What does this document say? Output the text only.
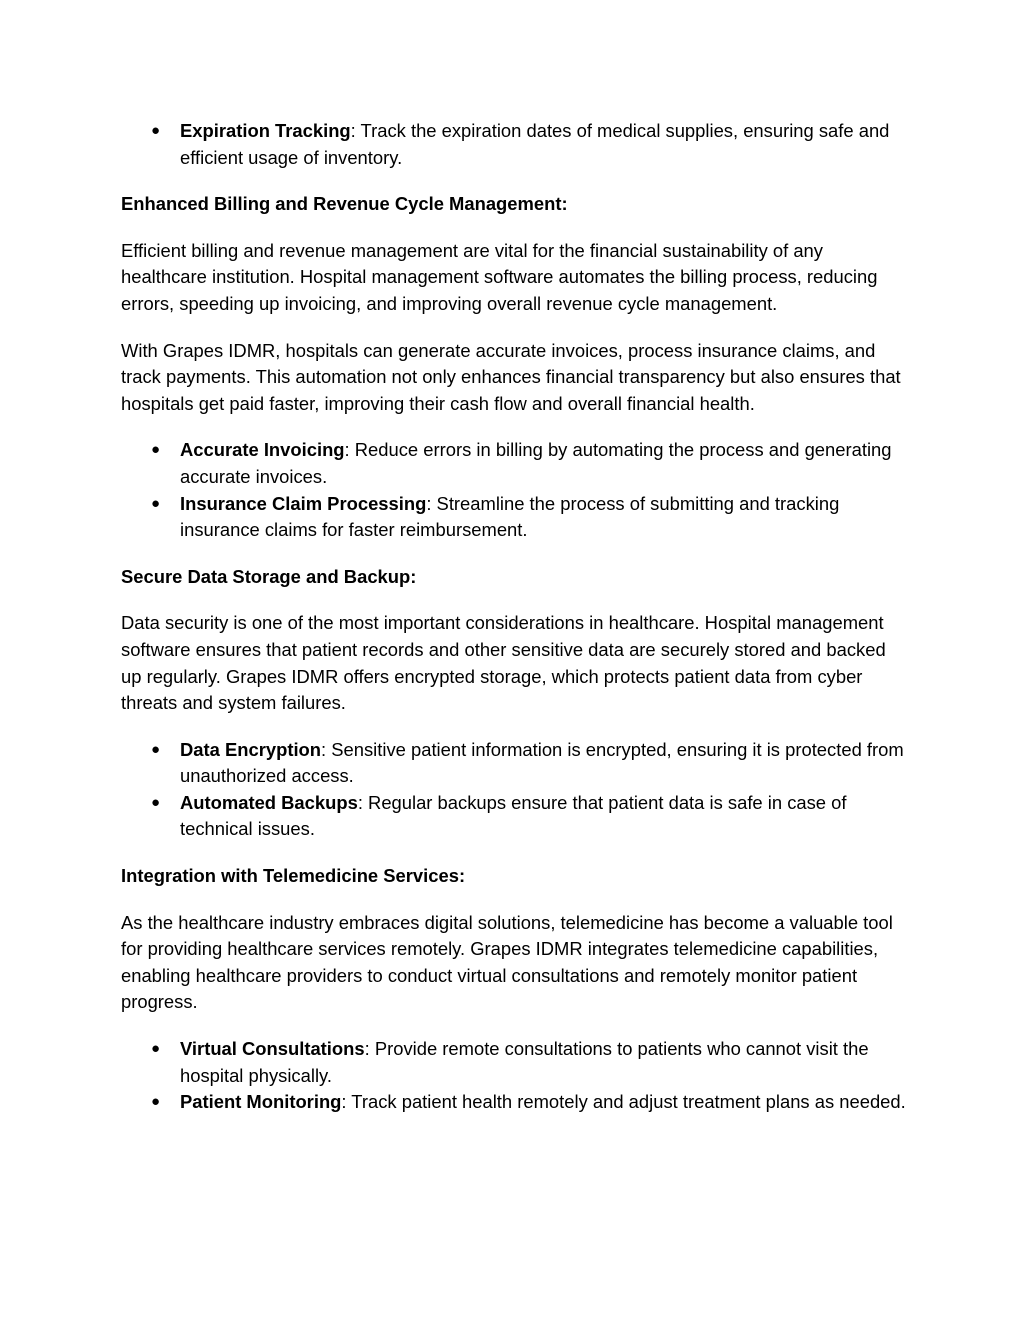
● Expiration Tracking: Track the expiration dates of medical supplies, ensuring safe and efficient usage of inventory.
Enhanced Billing and Revenue Cycle Management:
Efficient billing and revenue management are vital for the financial sustainability of any healthcare institution. Hospital management software automates the billing process, reducing errors, speeding up invoicing, and improving overall revenue cycle management.
With Grapes IDMR, hospitals can generate accurate invoices, process insurance claims, and track payments. This automation not only enhances financial transparency but also ensures that hospitals get paid faster, improving their cash flow and overall financial health.
● Accurate Invoicing: Reduce errors in billing by automating the process and generating accurate invoices.
● Insurance Claim Processing: Streamline the process of submitting and tracking insurance claims for faster reimbursement.
Secure Data Storage and Backup:
Data security is one of the most important considerations in healthcare. Hospital management software ensures that patient records and other sensitive data are securely stored and backed up regularly. Grapes IDMR offers encrypted storage, which protects patient data from cyber threats and system failures.
● Data Encryption: Sensitive patient information is encrypted, ensuring it is protected from unauthorized access.
● Automated Backups: Regular backups ensure that patient data is safe in case of technical issues.
Integration with Telemedicine Services:
As the healthcare industry embraces digital solutions, telemedicine has become a valuable tool for providing healthcare services remotely. Grapes IDMR integrates telemedicine capabilities, enabling healthcare providers to conduct virtual consultations and remotely monitor patient progress.
● Virtual Consultations: Provide remote consultations to patients who cannot visit the hospital physically.
● Patient Monitoring: Track patient health remotely and adjust treatment plans as needed.
